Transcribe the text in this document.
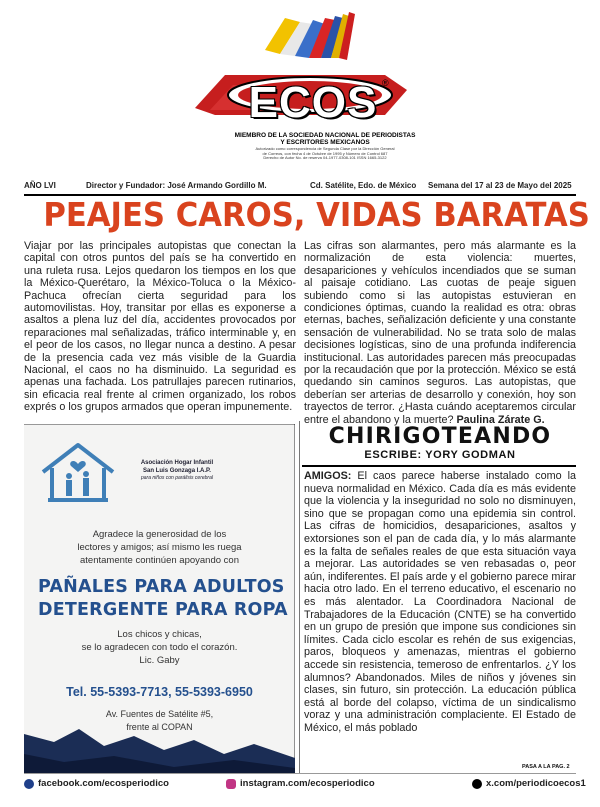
ECOS ®
MIEMBRO DE LA SOCIEDAD NACIONAL DE PERIODISTAS
Y ESCRITORES MEXICANOS
Autorizado como correspondencia de Segunda Clase por la Dirección General
de Correos, con fecha 4 de Octubre de 1995 y Número de Control 687
Derecho de Autor No. de reserva 04-1977-0308-101 ISSN 1665-3122
AÑO LVI	Director y Fundador: José Armando Gordillo M.	Cd. Satélite, Edo. de México Semana del 17 al 23 de Mayo del 2025
PEAJES CAROS, VIDAS BARATAS

Viajar por las principales autopistas que conectan la capital con otros puntos del país se ha convertido en una ruleta rusa. Lejos quedaron los tiempos en los que la México-Querétaro, la México-Toluca o la México-Pachuca ofrecían cierta seguridad para los automovilistas. Hoy, transitar por ellas es exponerse a asaltos a plena luz del día, accidentes provocados por reparaciones mal señalizadas, tráfico interminable y, en el peor de los casos, no llegar nunca a destino. A pesar de la presencia cada vez más visible de la Guardia Nacional, el caos no ha disminuido. La seguridad es apenas una fachada. Los patrullajes parecen rutinarios, sin eficacia real frente al crimen organizado, los robos exprés o los grupos armados que operan impunemente.

Las cifras son alarmantes, pero más alarmante es la normalización de esta violencia: muertes, desapariciones y vehículos incendiados que se suman al paisaje cotidiano. Las cuotas de peaje siguen subiendo como si las autopistas estuvieran en condiciones óptimas, cuando la realidad es otra: obras eternas, baches, señalización deficiente y una constante sensación de vulnerabilidad. No se trata solo de malas decisiones logísticas, sino de una profunda indiferencia institucional. Las autoridades parecen más preocupadas por la recaudación que por la protección. México se está quedando sin caminos seguros. Las autopistas, que deberían ser arterias de desarrollo y conexión, hoy son trayectos de terror. ¿Hasta cuándo aceptaremos circular entre el abandono y la muerte? Paulina Zárate G.

Asociación Hogar Infantil
San Luis Gonzaga I.A.P.
para niños con parálisis cerebral
Agradece la generosidad de los
lectores y amigos; así mismo les ruega
atentamente continúen apoyando con
PAÑALES PARA ADULTOS
DETERGENTE PARA ROPA
Los chicos y chicas,
se lo agradecen con todo el corazón.
Lic. Gaby
Tel. 55-5393-7713, 55-5393-6950
Av. Fuentes de Satélite #5,
frente al COPAN
CHIRIGOTEANDO
ESCRIBE: YORY GODMAN

AMIGOS: El caos parece haberse instalado como la nueva normalidad en México. Cada día es más evidente que la violencia y la inseguridad no solo no disminuyen, sino que se propagan como una epidemia sin control. Las cifras de homicidios, desapariciones, asaltos y extorsiones son el pan de cada día, y lo más alarmante es la falta de señales reales de que esta situación vaya a mejorar. Las autoridades se ven rebasadas o, peor aún, indiferentes. El país arde y el gobierno parece mirar hacia otro lado. En el terreno educativo, el escenario no es más alentador. La Coordinadora Nacional de Trabajadores de la Educación (CNTE) se ha convertido en un grupo de presión que impone sus condiciones sin límites. Cada ciclo escolar es rehén de sus exigencias, paros, bloqueos y amenazas, mientras el gobierno accede sin resistencia, temeroso de enfrentarlos. ¿Y los alumnos? Abandonados. Miles de niños y jóvenes sin clases, sin futuro, sin protección. La educación pública está al borde del colapso, víctima de un sindicalismo voraz y una administración complaciente. El Estado de México, el más poblado

PASA A LA PAG. 2
facebook.com/ecosperiodico	instagram.com/ecosperiodico	x.com/periodicoecos1
